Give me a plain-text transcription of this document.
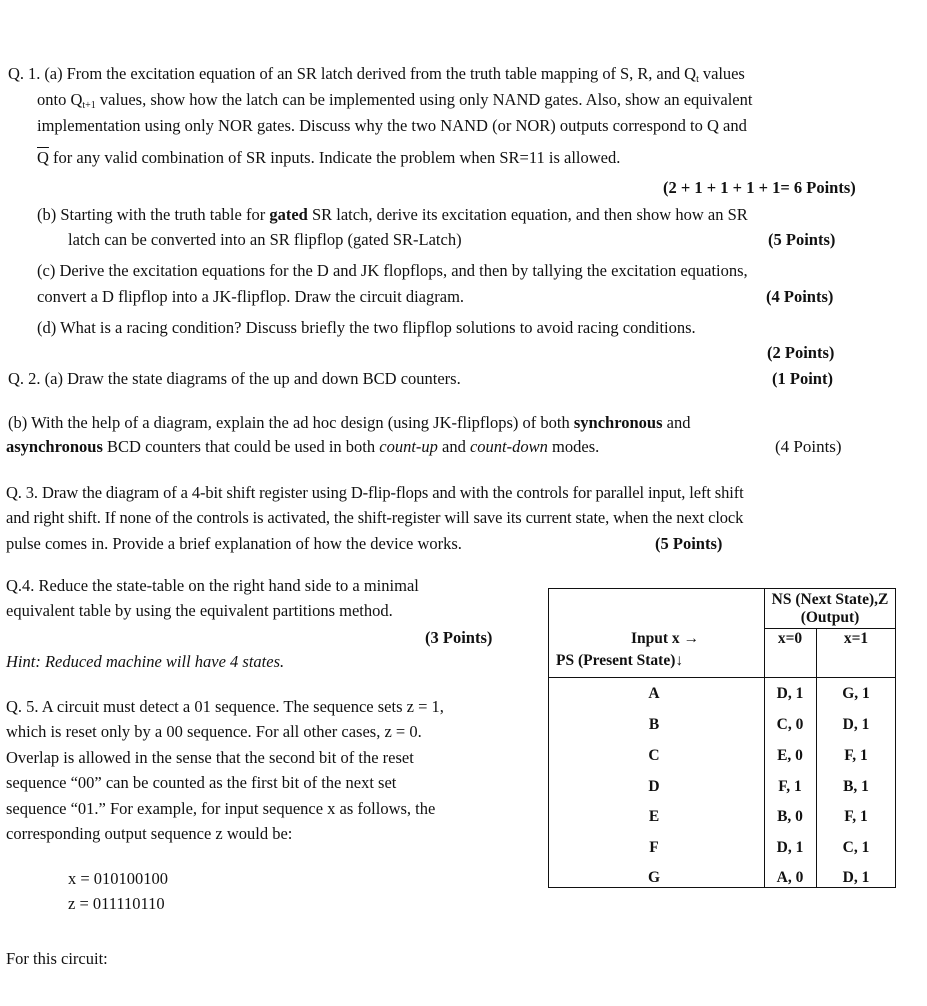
Q. 1. (a) From the excitation equation of an SR latch derived from the truth table mapping of S, R, and $Q_t$ values
onto $Q_{t+1}$ values, show how the latch can be implemented using only NAND gates. Also, show an equivalent
implementation using only NOR gates. Discuss why the two NAND (or NOR) outputs correspond to Q and
$\overline{Q}$ for any valid combination of SR inputs. Indicate the problem when SR=11 is allowed.
(2 + 1 + 1 + 1 + 1= 6 Points)
(b) Starting with the truth table for gated SR latch, derive its excitation equation, and then show how an SR
latch can be converted into an SR flipflop (gated SR-Latch)	(5 Points)
(c) Derive the excitation equations for the D and JK flopflops, and then by tallying the excitation equations,
convert a D flipflop into a JK-flipflop. Draw the circuit diagram.	(4 Points)
(d) What is a racing condition? Discuss briefly the two flipflop solutions to avoid racing conditions.
(2 Points)
Q. 2. (a) Draw the state diagrams of the up and down BCD counters.	(1 Point)
(b) With the help of a diagram, explain the ad hoc design (using JK-flipflops) of both synchronous and
asynchronous BCD counters that could be used in both count-up and count-down modes.	(4 Points)
Q. 3. Draw the diagram of a 4-bit shift register using D-flip-flops and with the controls for parallel input, left shift
and right shift. If none of the controls is activated, the shift-register will save its current state, when the next clock
pulse comes in. Provide a brief explanation of how the device works.	(5 Points)
Q.4. Reduce the state-table on the right hand side to a minimal
equivalent table by using the equivalent partitions method.
(3 Points)
Hint: Reduced machine will have 4 states.
Q. 5. A circuit must detect a 01 sequence. The sequence sets z = 1,
which is reset only by a 00 sequence. For all other cases, z = 0.
Overlap is allowed in the sense that the second bit of the reset
sequence “00” can be counted as the first bit of the next set
sequence “01.” For example, for input sequence x as follows, the
corresponding output sequence z would be:
x = 010100100
z = 011110110
For this circuit:
NS (Next State),Z
(Output)
x=0	x=1
Input x →
PS (Present State)↓
A	D, 1	G, 1
B	C, 0	D, 1
C	E, 0	F, 1
D	F, 1	B, 1
E	B, 0	F, 1
F	D, 1	C, 1
G	A, 0	D, 1
